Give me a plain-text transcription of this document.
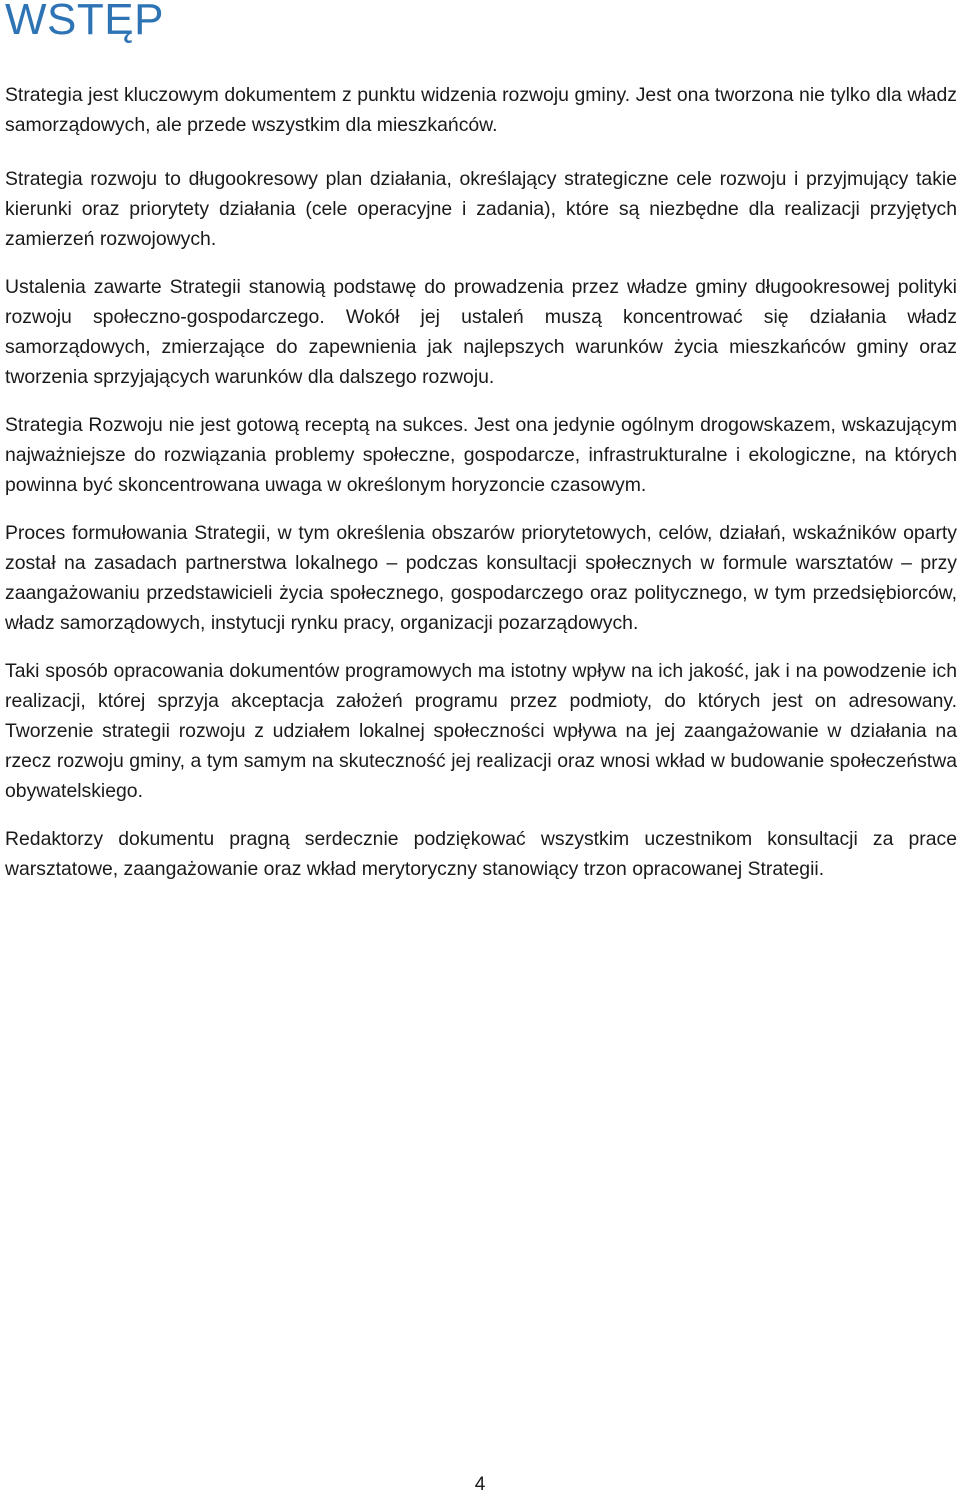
WSTĘP

Strategia jest kluczowym dokumentem z punktu widzenia rozwoju gminy. Jest ona tworzona nie tylko dla władz samorządowych, ale przede wszystkim dla mieszkańców.

Strategia rozwoju to długookresowy plan działania, określający strategiczne cele rozwoju i przyjmujący takie kierunki oraz priorytety działania (cele operacyjne i zadania), które są niezbędne dla realizacji przyjętych zamierzeń rozwojowych.

Ustalenia zawarte Strategii stanowią podstawę do prowadzenia przez władze gminy długookresowej polityki rozwoju społeczno-gospodarczego. Wokół jej ustaleń muszą koncentrować się działania władz samorządowych, zmierzające do zapewnienia jak najlepszych warunków życia mieszkańców gminy oraz tworzenia sprzyjających warunków dla dalszego rozwoju.

Strategia Rozwoju nie jest gotową receptą na sukces. Jest ona jedynie ogólnym drogowskazem, wskazującym najważniejsze do rozwiązania problemy społeczne, gospodarcze, infrastrukturalne i ekologiczne, na których powinna być skoncentrowana uwaga w określonym horyzoncie czasowym.

Proces formułowania Strategii, w tym określenia obszarów priorytetowych, celów, działań, wskaźników oparty został na zasadach partnerstwa lokalnego – podczas konsultacji społecznych w formule warsztatów – przy zaangażowaniu przedstawicieli życia społecznego, gospodarczego oraz politycznego, w tym przedsiębiorców, władz samorządowych, instytucji rynku pracy, organizacji pozarządowych.

Taki sposób opracowania dokumentów programowych ma istotny wpływ na ich jakość, jak i na powodzenie ich realizacji, której sprzyja akceptacja założeń programu przez podmioty, do których jest on adresowany. Tworzenie strategii rozwoju z udziałem lokalnej społeczności wpływa na jej zaangażowanie w działania na rzecz rozwoju gminy, a tym samym na skuteczność jej realizacji oraz wnosi wkład w budowanie społeczeństwa obywatelskiego.

Redaktorzy dokumentu pragną serdecznie podziękować wszystkim uczestnikom konsultacji za prace warsztatowe, zaangażowanie oraz wkład merytoryczny stanowiący trzon opracowanej Strategii.

4
